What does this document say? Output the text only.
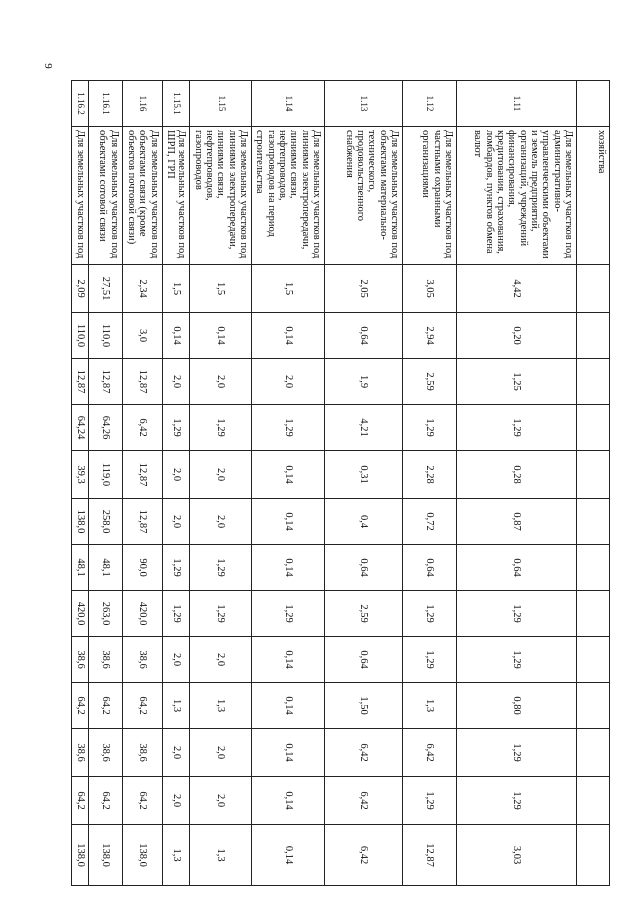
9
	хозяйства													
1.11	Для земельных участков под административно-управленческими объектами и земель предприятий, организаций, учреждений финансирования, кредитования, страхования, ломбардов, пунктов обмена валют	4,42	0,20	1,25	1,29	0,28	0,87	0,64	1,29	1,29	0,80	1,29	1,29	3,03
1.12	Для земельных участков под частными охранными организациями	3,05	2,94	2,59	1,29	2,28	0,72	0,64	1,29	1,29	1,3	6,42	1,29	12,87
1.13	Для земельных участков под объектами материально-технического, продовольственного снабжения	2,05	0,64	1,9	4,21	0,31	0,4	0,64	2,59	0,64	1,50	6,42	6,42	6,42
1.14	Для земельных участков под линиями электропередачи, линиями связи, нефтепроводов, газопроводов на период строительства	1,5	0,14	2,0	1,29	0,14	0,14	0,14	1,29	0,14	0,14	0,14	0,14	0,14
1.15	Для земельных участков под линиями электропередачи, линиями связи, нефтепроводов, газопроводов	1,5	0,14	2,0	1,29	2,0	2,0	1,29	1,29	2,0	1,3	2,0	2,0	1,3
1.15.1	Для земельных участков под ШРП, ГРП	1,5	0,14	2,0	1,29	2,0	2,0	1,29	1,29	2,0	1,3	2,0	2,0	1,3
1.16	Для земельных участков под объектами связи (кроме объектов почтовой связи)	2,34	3,0	12,87	6,42	12,87	12,87	90,0	420,0	38,6	64,2	38,6	64,2	138,0
1.16.1	Для земельных участков под объектами сотовой связи	27,51	110,0	12,87	64,26	119,0	258,0	48,1	263,0	38,6	64,2	38,6	64,2	138,0
1.16.2	Для земельных участков под	2,09	110,0	12,87	64,24	39,3	138,0	48,1	420,0	38,6	64,2	38,6	64,2	138,0
